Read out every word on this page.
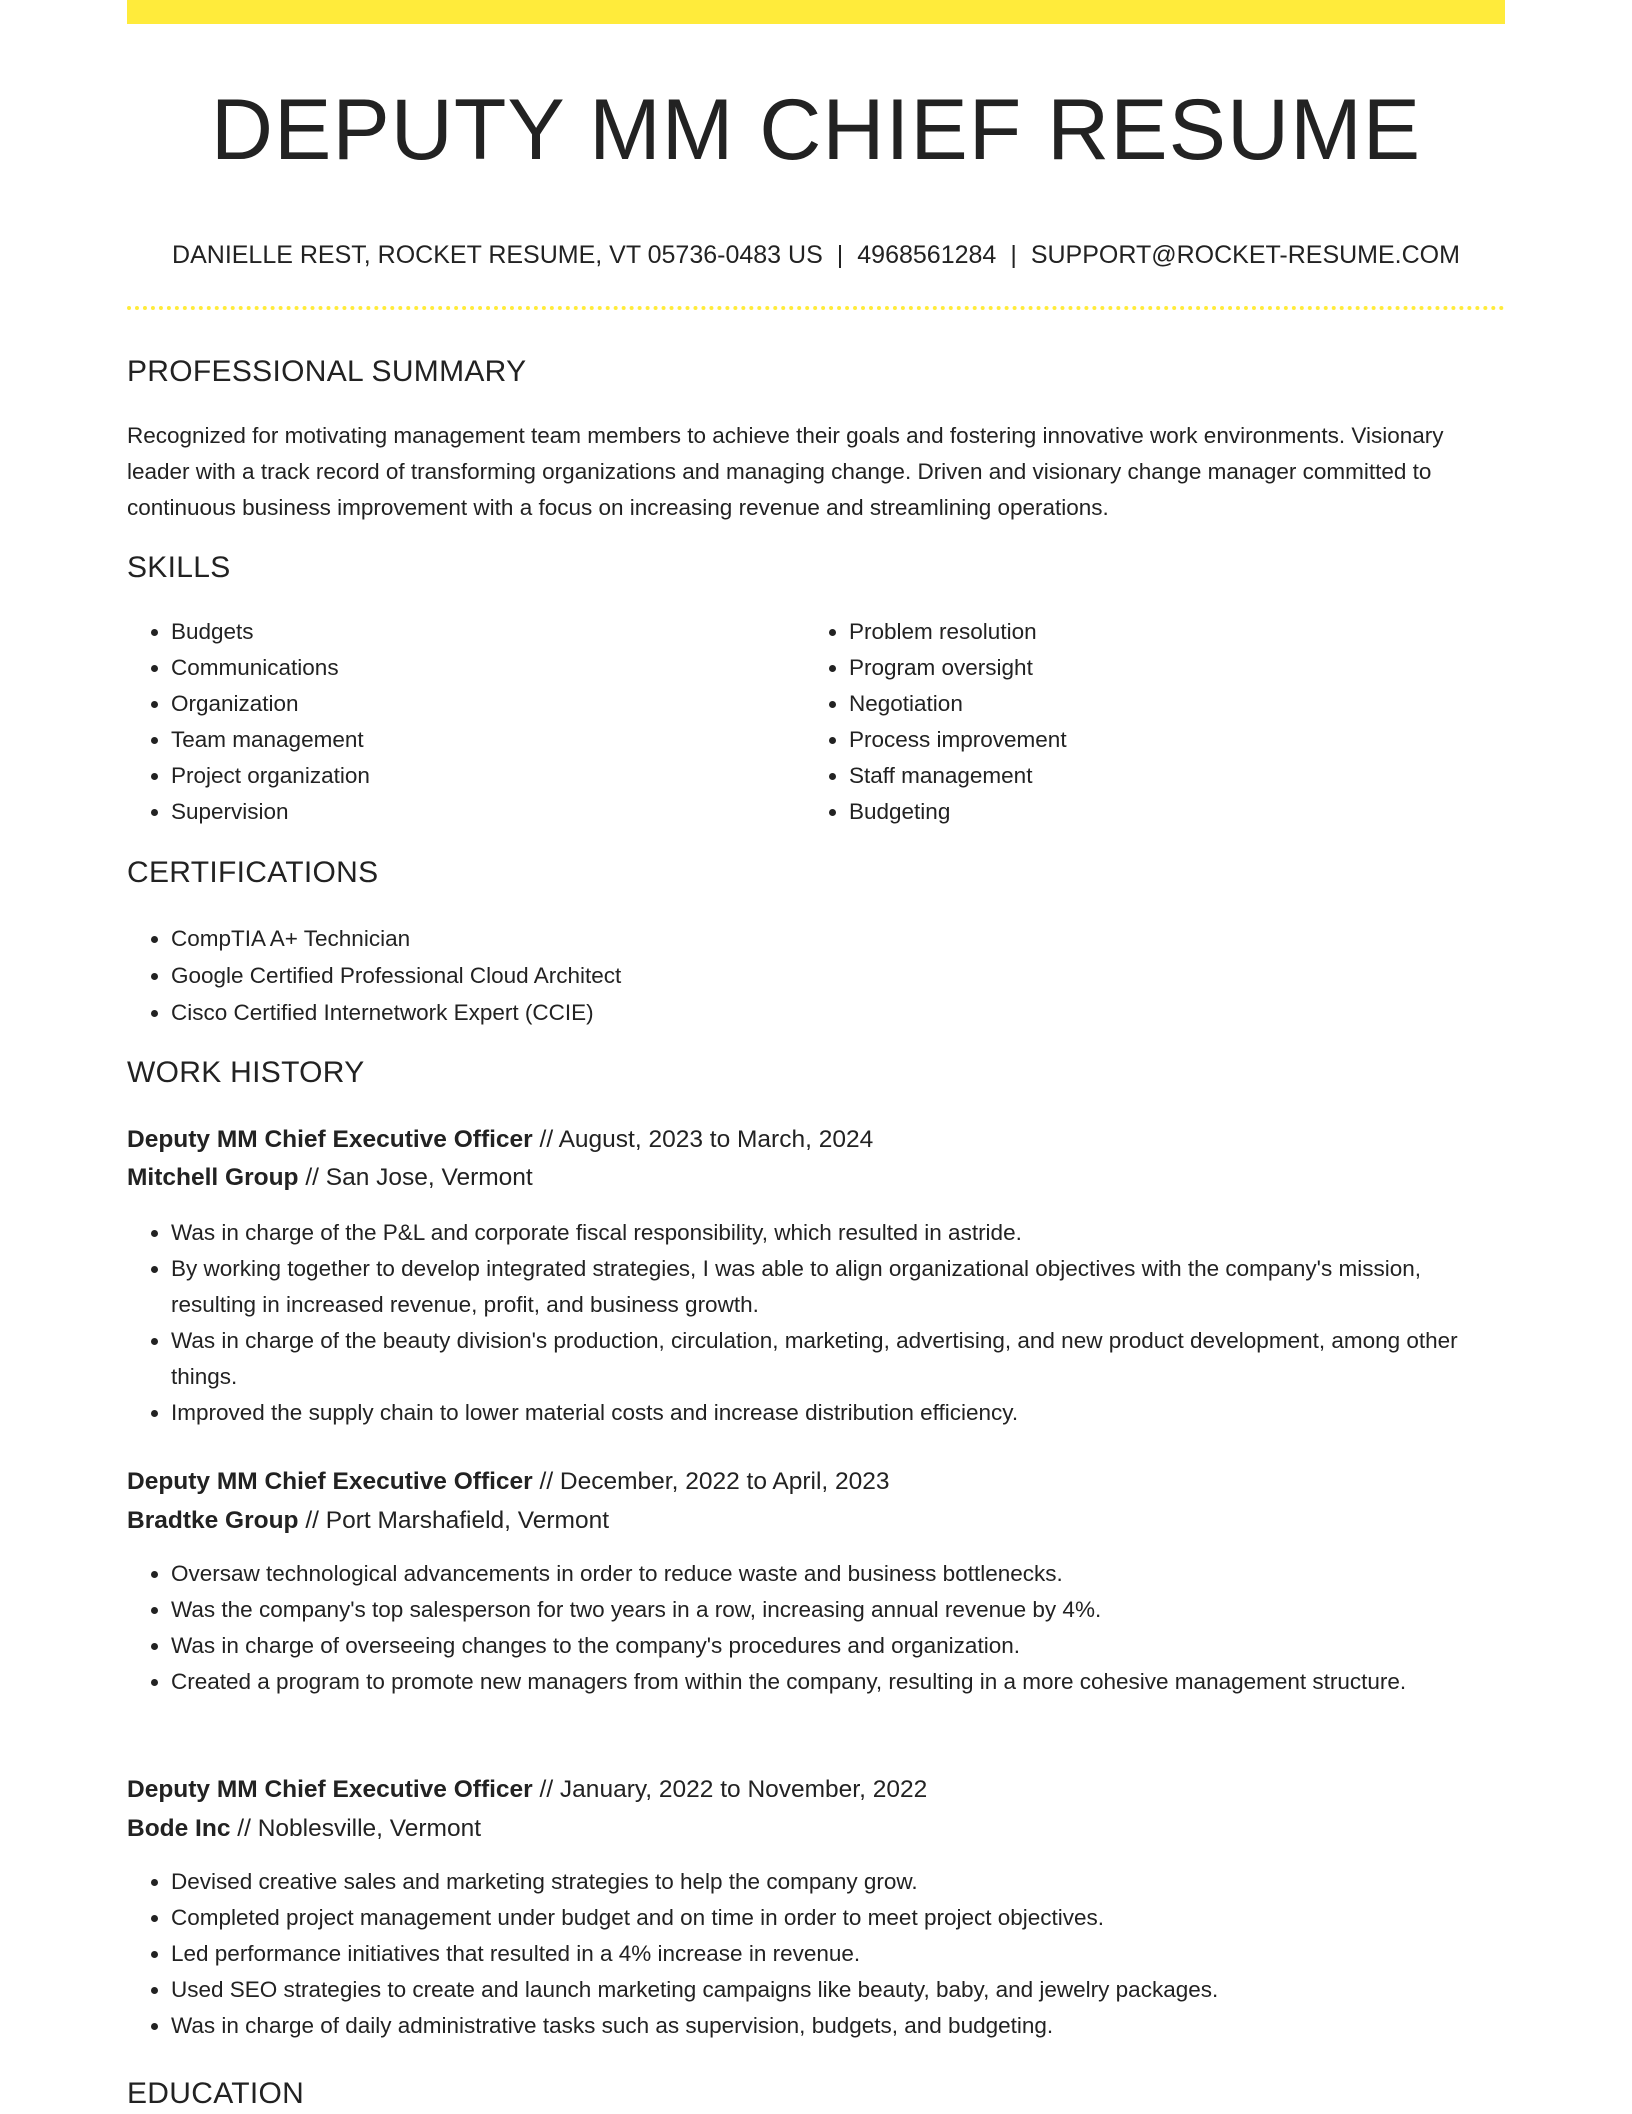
DEPUTY MM CHIEF RESUME
DANIELLE REST, ROCKET RESUME, VT 05736-0483 US | 4968561284 | SUPPORT@ROCKET-RESUME.COM
PROFESSIONAL SUMMARY

Recognized for motivating management team members to achieve their goals and fostering innovative work environments. Visionary leader with a track record of transforming organizations and managing change. Driven and visionary change manager committed to continuous business improvement with a focus on increasing revenue and streamlining operations.

SKILLS
• Budgets
• Communications
• Organization
• Team management
• Project organization
• Supervision
• Problem resolution
• Program oversight
• Negotiation
• Process improvement
• Staff management
• Budgeting
CERTIFICATIONS
• CompTIA A+ Technician
• Google Certified Professional Cloud Architect
• Cisco Certified Internetwork Expert (CCIE)
WORK HISTORY
Deputy MM Chief Executive Officer // August, 2023 to March, 2024
Mitchell Group // San Jose, Vermont
• Was in charge of the P&L and corporate fiscal responsibility, which resulted in astride.
• By working together to develop integrated strategies, I was able to align organizational objectives with the company's mission, resulting in increased revenue, profit, and business growth.
• Was in charge of the beauty division's production, circulation, marketing, advertising, and new product development, among other things.
• Improved the supply chain to lower material costs and increase distribution efficiency.
Deputy MM Chief Executive Officer // December, 2022 to April, 2023
Bradtke Group // Port Marshafield, Vermont
• Oversaw technological advancements in order to reduce waste and business bottlenecks.
• Was the company's top salesperson for two years in a row, increasing annual revenue by 4%.
• Was in charge of overseeing changes to the company's procedures and organization.
• Created a program to promote new managers from within the company, resulting in a more cohesive management structure.
Deputy MM Chief Executive Officer // January, 2022 to November, 2022
Bode Inc // Noblesville, Vermont
• Devised creative sales and marketing strategies to help the company grow.
• Completed project management under budget and on time in order to meet project objectives.
• Led performance initiatives that resulted in a 4% increase in revenue.
• Used SEO strategies to create and launch marketing campaigns like beauty, baby, and jewelry packages.
• Was in charge of daily administrative tasks such as supervision, budgets, and budgeting.
EDUCATION
